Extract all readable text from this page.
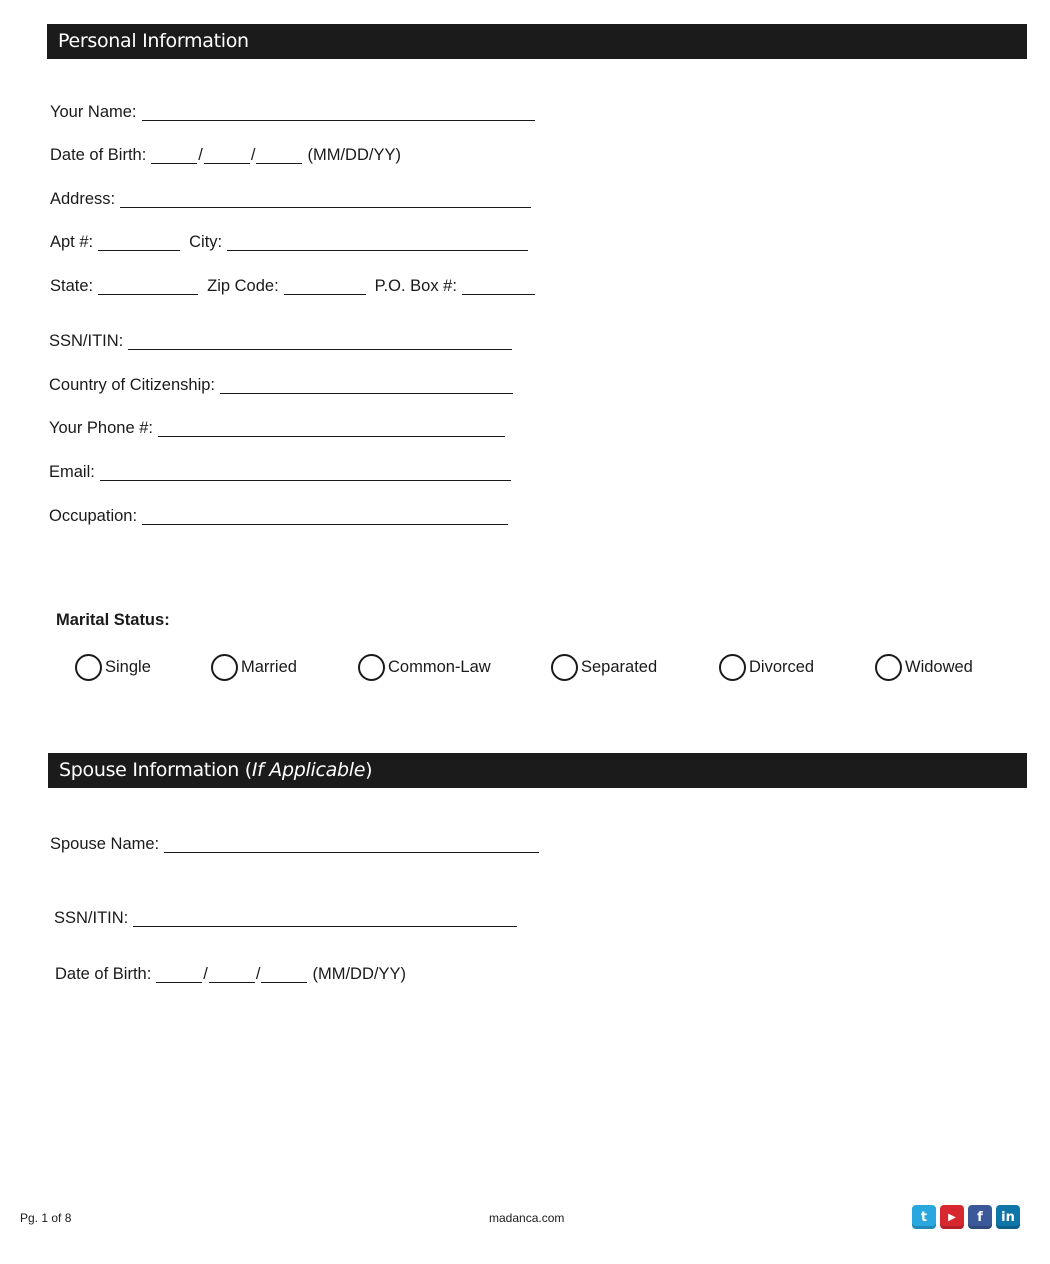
Personal Information
Your Name:
Date of Birth:	/	/	(MM/DD/YY)
Address:
Apt #:	City:
State:	Zip Code:	P.O. Box #:
SSN/ITIN:
Country of Citizenship:
Your Phone #:
Email:
Occupation:
Marital Status:
Single	Married	Common-Law	Separated	Divorced	Widowed
Spouse Information (If Applicable)
Spouse Name:
SSN/ITIN:
Date of Birth:	/	/	(MM/DD/YY)
Pg. 1 of 8	madanca.com	t	▶	f	in
